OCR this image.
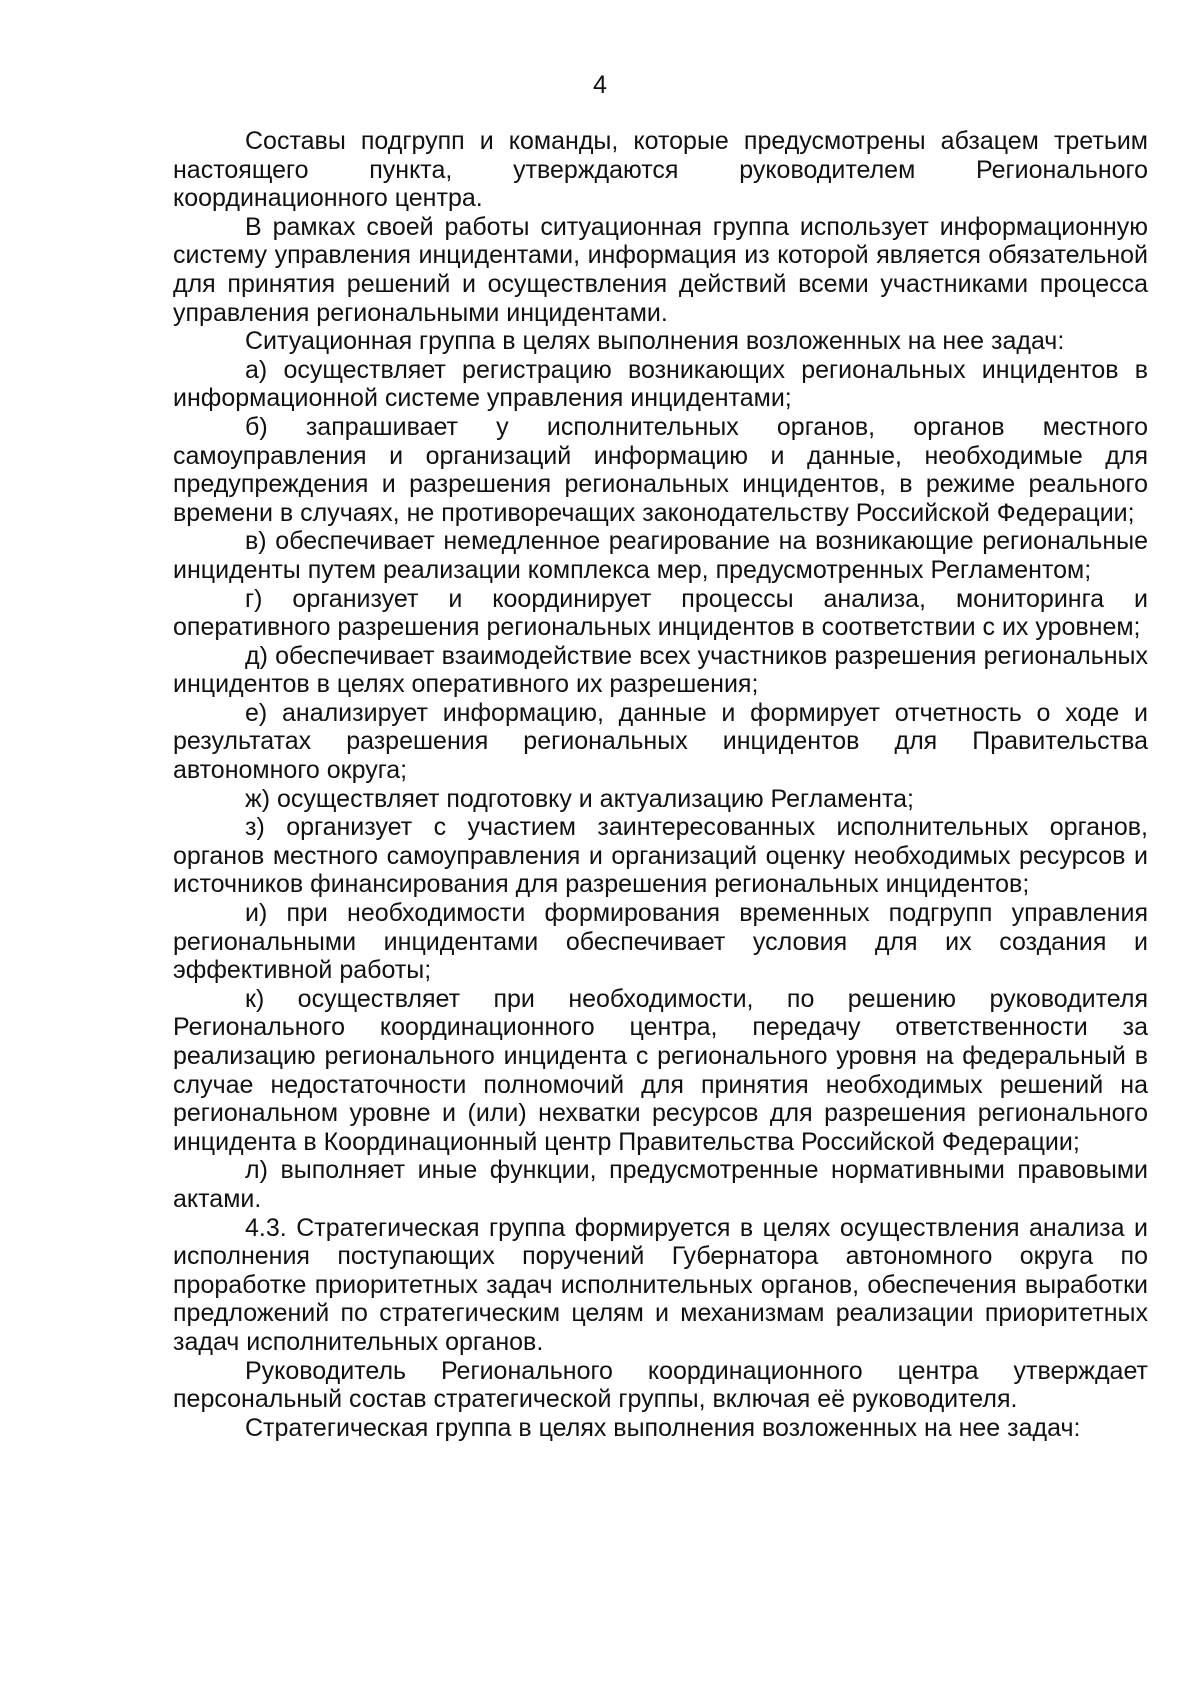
4

Составы подгрупп и команды, которые предусмотрены абзацем третьим настоящего пункта, утверждаются руководителем Регионального координационного центра.

В рамках своей работы ситуационная группа использует информационную систему управления инцидентами, информация из которой является обязательной для принятия решений и осуществления действий всеми участниками процесса управления региональными инцидентами.

Ситуационная группа в целях выполнения возложенных на нее задач:

а) осуществляет регистрацию возникающих региональных инцидентов в информационной системе управления инцидентами;

б) запрашивает у исполнительных органов, органов местного самоуправления и организаций информацию и данные, необходимые для предупреждения и разрешения региональных инцидентов, в режиме реального времени в случаях, не противоречащих законодательству Российской Федерации;

в) обеспечивает немедленное реагирование на возникающие региональные инциденты путем реализации комплекса мер, предусмотренных Регламентом;

г) организует и координирует процессы анализа, мониторинга и оперативного разрешения региональных инцидентов в соответствии с их уровнем;

д) обеспечивает взаимодействие всех участников разрешения региональных инцидентов в целях оперативного их разрешения;

е) анализирует информацию, данные и формирует отчетность о ходе и результатах разрешения региональных инцидентов для Правительства автономного округа;

ж) осуществляет подготовку и актуализацию Регламента;

з) организует с участием заинтересованных исполнительных органов, органов местного самоуправления и организаций оценку необходимых ресурсов и источников финансирования для разрешения региональных инцидентов;

и) при необходимости формирования временных подгрупп управления региональными инцидентами обеспечивает условия для их создания и эффективной работы;

к) осуществляет при необходимости, по решению руководителя Регионального координационного центра, передачу ответственности за реализацию регионального инцидента с регионального уровня на федеральный в случае недостаточности полномочий для принятия необходимых решений на региональном уровне и (или) нехватки ресурсов для разрешения регионального инцидента в Координационный центр Правительства Российской Федерации;

л) выполняет иные функции, предусмотренные нормативными правовыми актами.

4.3. Стратегическая группа формируется в целях осуществления анализа и исполнения поступающих поручений Губернатора автономного округа по проработке приоритетных задач исполнительных органов, обеспечения выработки предложений по стратегическим целям и механизмам реализации приоритетных задач исполнительных органов.

Руководитель Регионального координационного центра утверждает персональный состав стратегической группы, включая её руководителя.

Стратегическая группа в целях выполнения возложенных на нее задач:
